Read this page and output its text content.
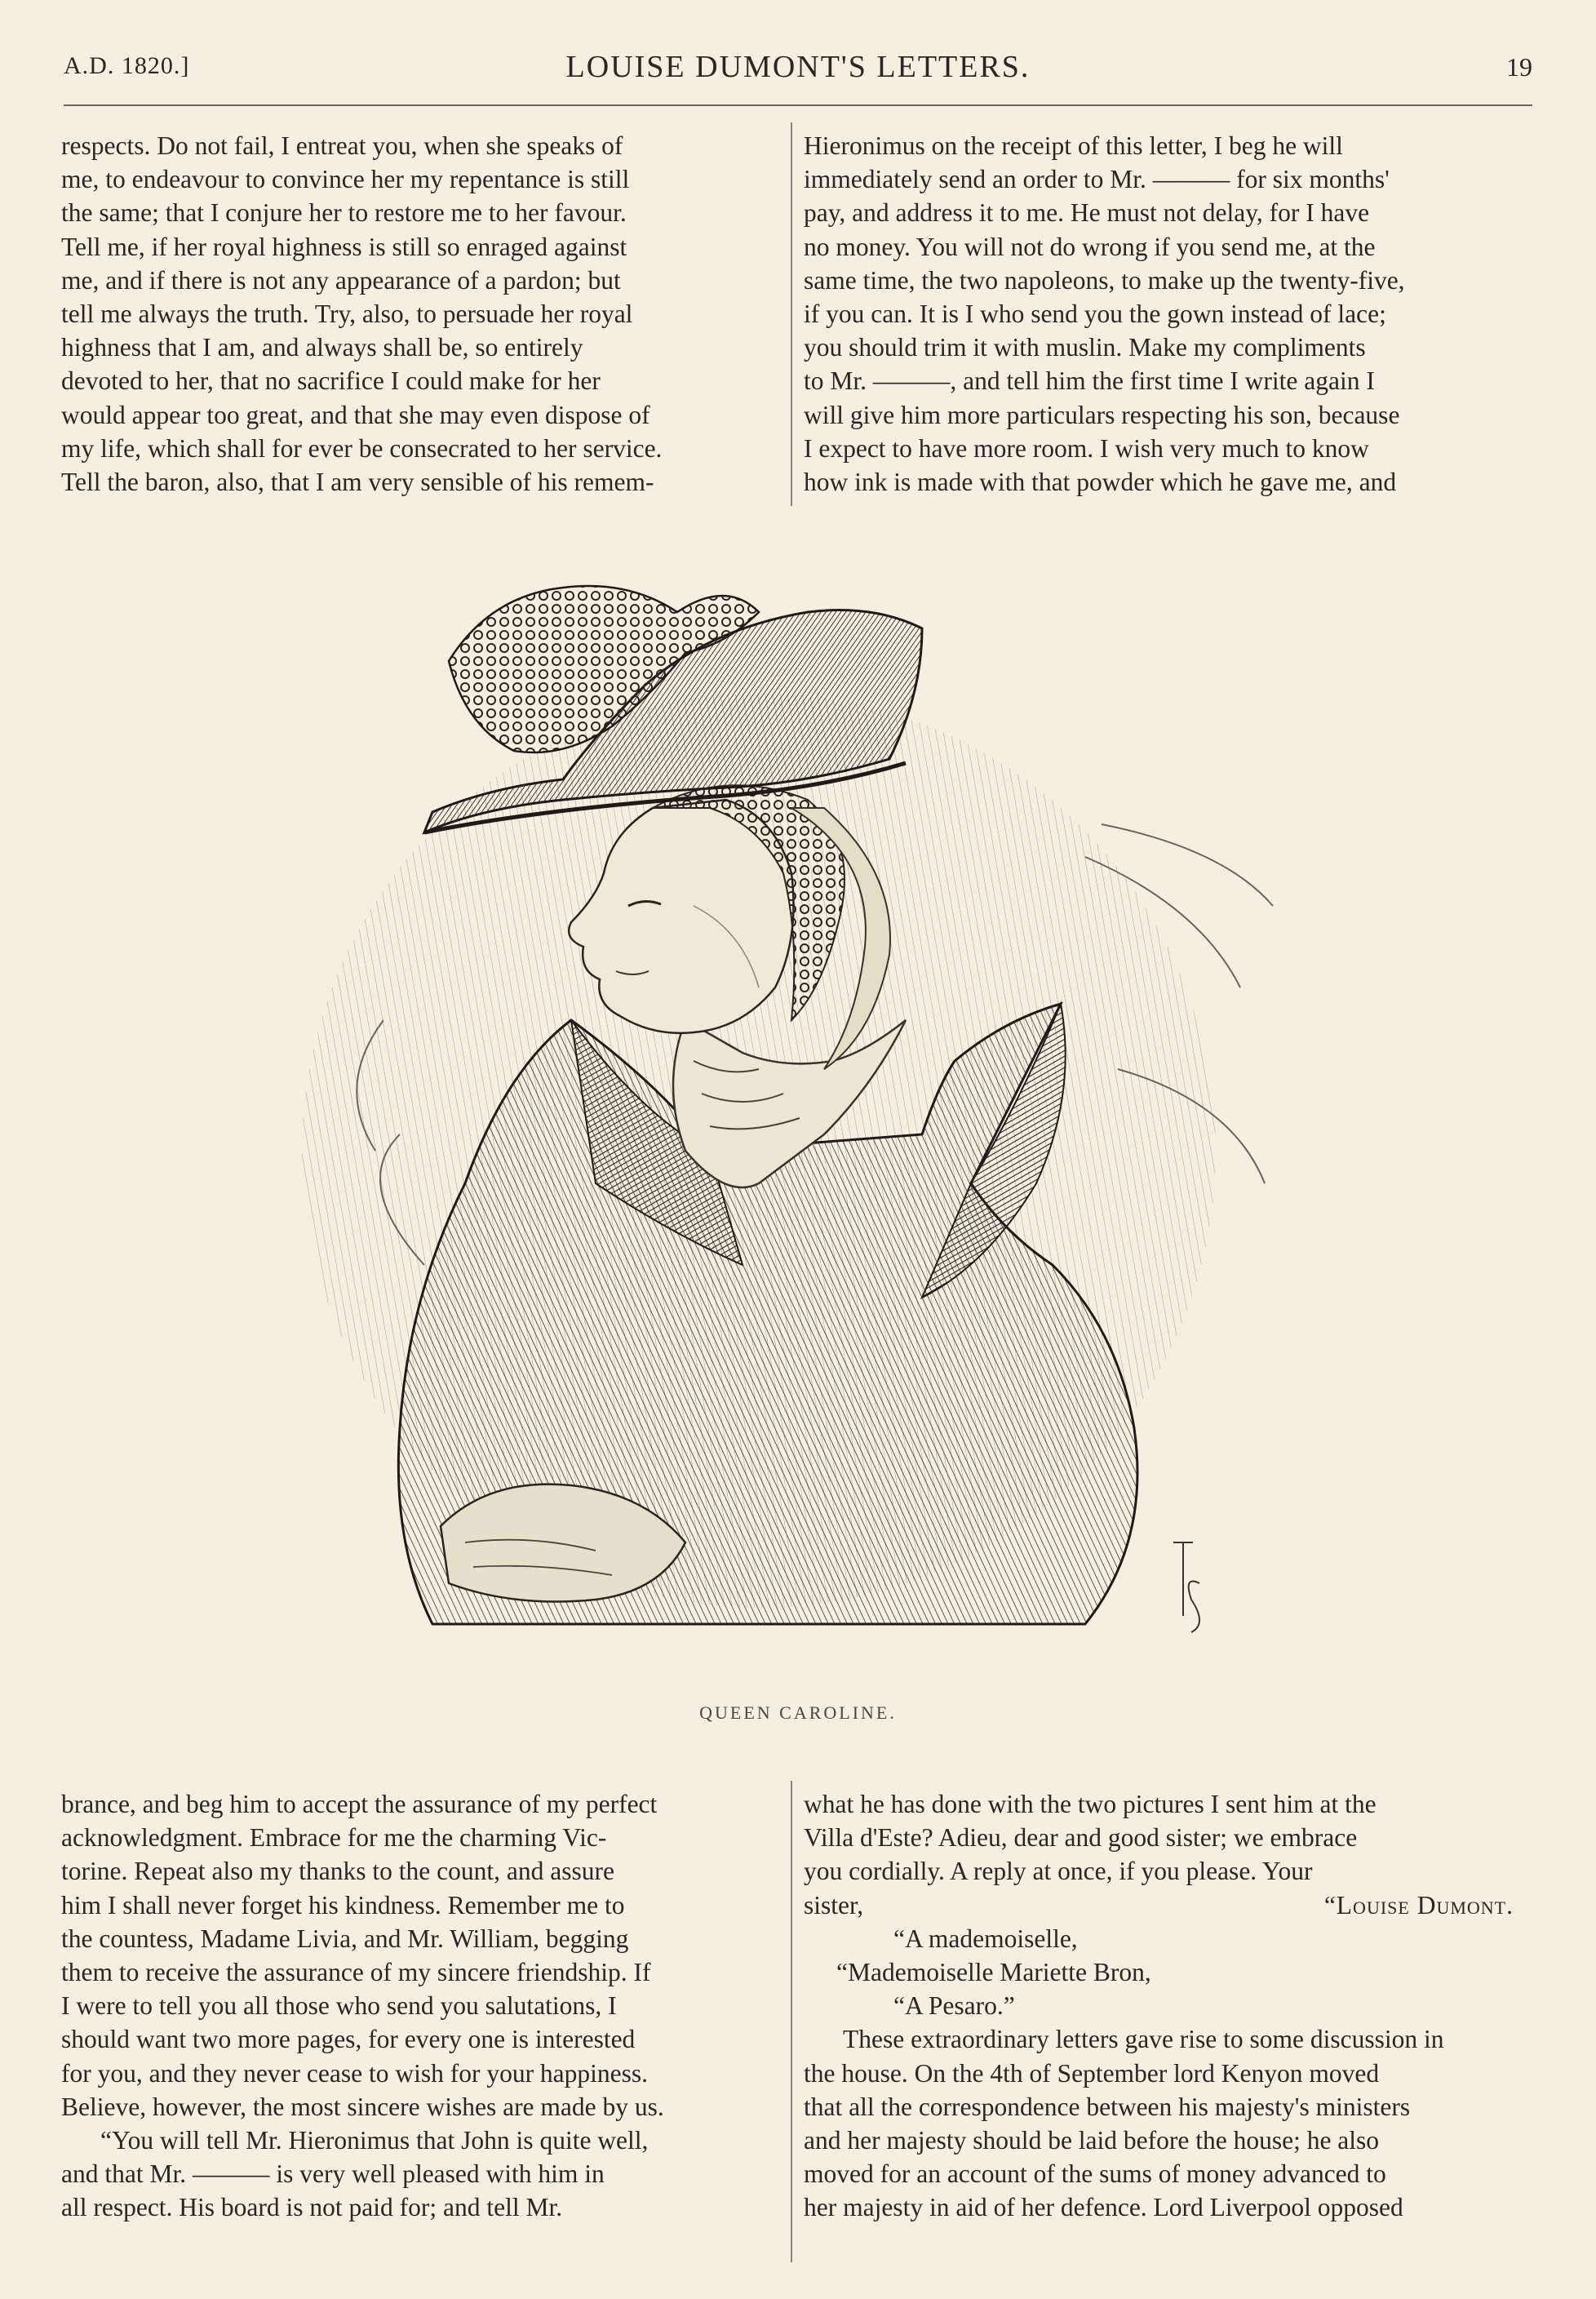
A.D. 1820.]	LOUISE DUMONT'S LETTERS.	19

respects. Do not fail, I entreat you, when she speaks of

me, to endeavour to convince her my repentance is still

the same; that I conjure her to restore me to her favour.

Tell me, if her royal highness is still so enraged against

me, and if there is not any appearance of a pardon; but

tell me always the truth. Try, also, to persuade her royal

highness that I am, and always shall be, so entirely

devoted to her, that no sacrifice I could make for her

would appear too great, and that she may even dispose of

my life, which shall for ever be consecrated to her service.

Tell the baron, also, that I am very sensible of his remem-

Hieronimus on the receipt of this letter, I beg he will

immediately send an order to Mr. ——— for six months'

pay, and address it to me. He must not delay, for I have

no money. You will not do wrong if you send me, at the

same time, the two napoleons, to make up the twenty-five,

if you can. It is I who send you the gown instead of lace;

you should trim it with muslin. Make my compliments

to Mr. ———, and tell him the first time I write again I

will give him more particulars respecting his son, because

I expect to have more room. I wish very much to know

how ink is made with that powder which he gave me, and

QUEEN CAROLINE.

brance, and beg him to accept the assurance of my perfect

acknowledgment. Embrace for me the charming Vic-

torine. Repeat also my thanks to the count, and assure

him I shall never forget his kindness. Remember me to

the countess, Madame Livia, and Mr. William, begging

them to receive the assurance of my sincere friendship. If

I were to tell you all those who send you salutations, I

should want two more pages, for every one is interested

for you, and they never cease to wish for your happiness.

Believe, however, the most sincere wishes are made by us.

“You will tell Mr. Hieronimus that John is quite well,

and that Mr. ——— is very well pleased with him in

all respect. His board is not paid for; and tell Mr.

what he has done with the two pictures I sent him at the

Villa d'Este? Adieu, dear and good sister; we embrace

you cordially. A reply at once, if you please. Your

sister,	“Louise Dumont.

“A mademoiselle,

“Mademoiselle Mariette Bron,

“A Pesaro.”

These extraordinary letters gave rise to some discussion in

the house. On the 4th of September lord Kenyon moved

that all the correspondence between his majesty's ministers

and her majesty should be laid before the house; he also

moved for an account of the sums of money advanced to

her majesty in aid of her defence. Lord Liverpool opposed
